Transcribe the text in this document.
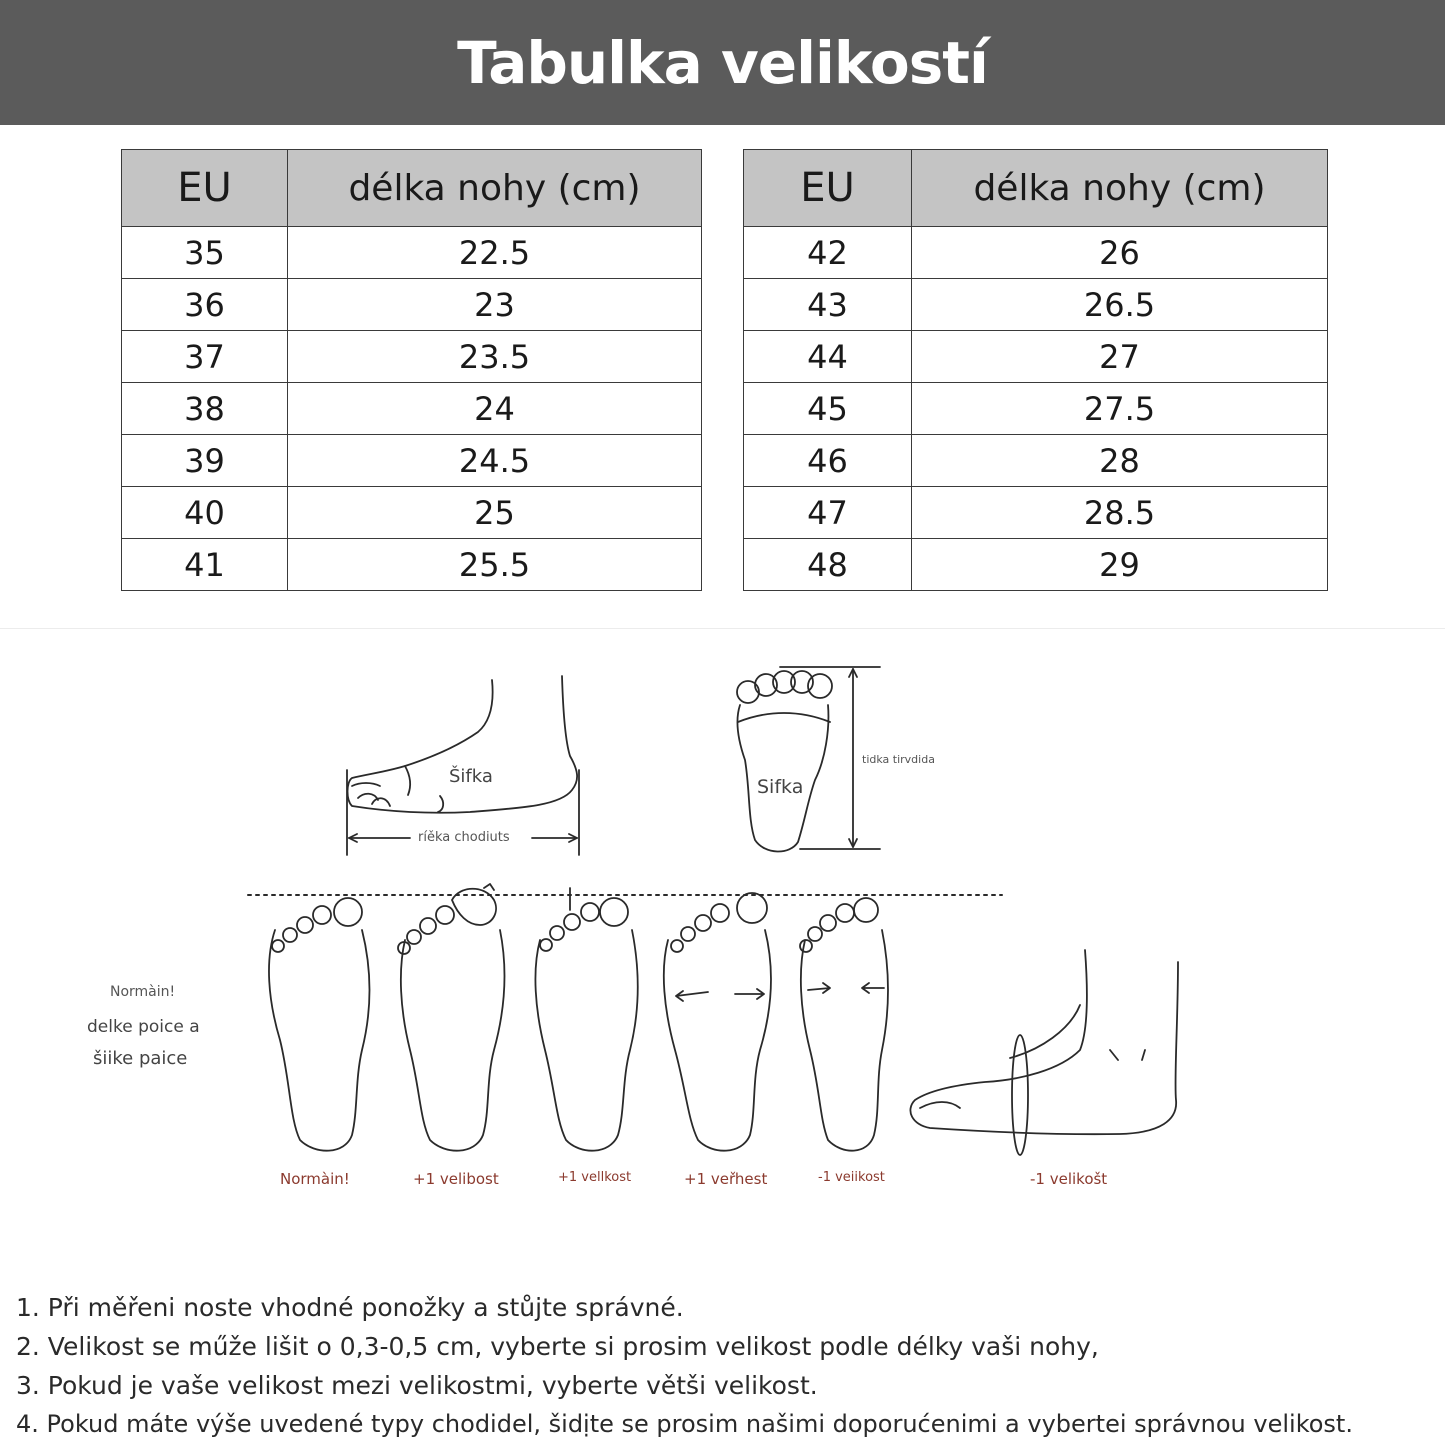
Tabulka velikostí
EU	délka nohy (cm)
35	22.5
36	23
37	23.5
38	24
39	24.5
40	25
41	25.5
EU	délka nohy (cm)
42	26
43	26.5
44	27
45	27.5
46	28
47	28.5
48	29
Šifka
ríěka chodiuts
Sifka
tidka tirvdida
Normàin!
delke poice a
šiike paice
Normàin!	+1 velibost	+1 vellkost	+1 veřhest	-1 veiikost	-1 velikošt

1. Při měřeni noste vhodné ponožky a stůjte správné.

2. Velikost se műže lišit o 0,3-0,5 cm, vyberte si prosim velikost podle délky vaši nohy,

3. Pokud je vaše velikost mezi velikostmi, vyberte větši velikost.

4. Pokud máte výše uvedené typy chodidel, šidịte se prosim našimi doporućenimi a vybertei správnou velikost.
